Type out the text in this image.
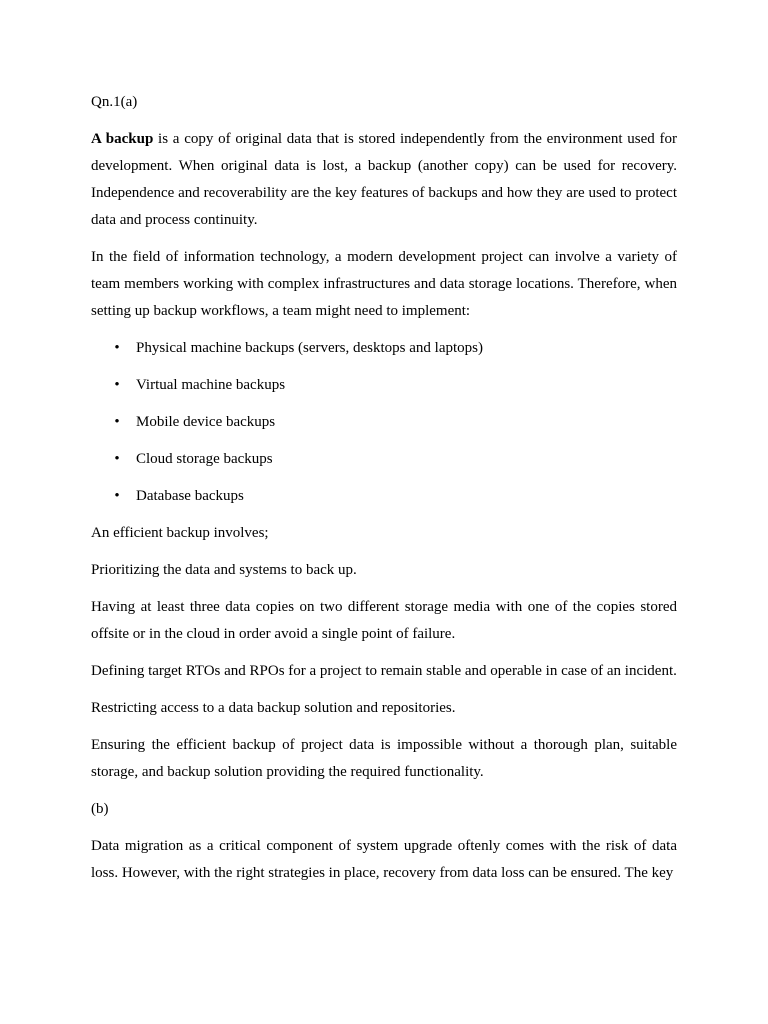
Qn.1(a)

A backup is a copy of original data that is stored independently from the environment used for development. When original data is lost, a backup (another copy) can be used for recovery. Independence and recoverability are the key features of backups and how they are used to protect data and process continuity.

In the field of information technology, a modern development project can involve a variety of team members working with complex infrastructures and data storage locations. Therefore, when setting up backup workflows, a team might need to implement:

• Physical machine backups (servers, desktops and laptops)
• Virtual machine backups
• Mobile device backups
• Cloud storage backups
• Database backups

An efficient backup involves;

Prioritizing the data and systems to back up.

Having at least three data copies on two different storage media with one of the copies stored offsite or in the cloud in order avoid a single point of failure.

Defining target RTOs and RPOs for a project to remain stable and operable in case of an incident.

Restricting access to a data backup solution and repositories.

Ensuring the efficient backup of project data is impossible without a thorough plan, suitable storage, and backup solution providing the required functionality.

(b)

Data migration as a critical component of system upgrade oftenly comes with the risk of data loss. However, with the right strategies in place, recovery from data loss can be ensured. The key
